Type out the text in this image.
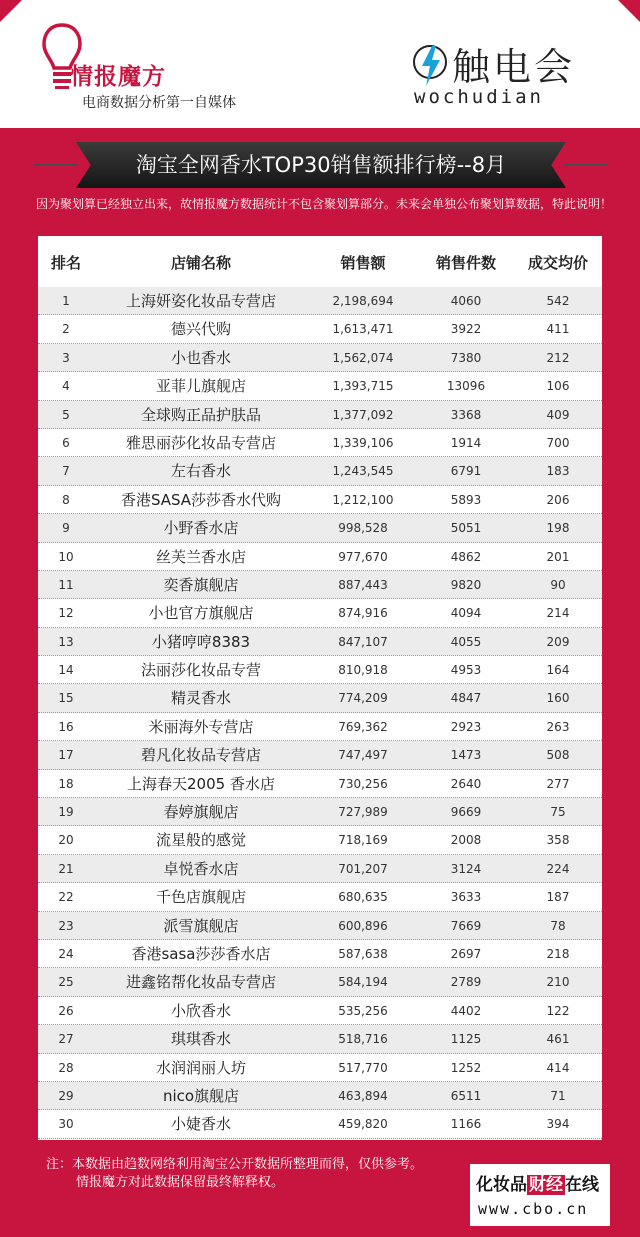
情报魔方
电商数据分析第一自媒体
触电会
wochudian
淘宝全网香水TOP30销售额排行榜--8月
因为聚划算已经独立出来，故情报魔方数据统计不包含聚划算部分。未来会单独公布聚划算数据，特此说明！
排名	店铺名称	销售额	销售件数	成交均价
1	上海妍姿化妆品专营店	2,198,694	4060	542
2	德兴代购	1,613,471	3922	411
3	小也香水	1,562,074	7380	212
4	亚菲儿旗舰店	1,393,715	13096	106
5	全球购正品护肤品	1,377,092	3368	409
6	雅思丽莎化妆品专营店	1,339,106	1914	700
7	左右香水	1,243,545	6791	183
8	香港SASA莎莎香水代购	1,212,100	5893	206
9	小野香水店	998,528	5051	198
10	丝芙兰香水店	977,670	4862	201
11	奕香旗舰店	887,443	9820	90
12	小也官方旗舰店	874,916	4094	214
13	小猪哼哼8383	847,107	4055	209
14	法丽莎化妆品专营	810,918	4953	164
15	精灵香水	774,209	4847	160
16	米丽海外专营店	769,362	2923	263
17	碧凡化妆品专营店	747,497	1473	508
18	上海春天2005 香水店	730,256	2640	277
19	春婷旗舰店	727,989	9669	75
20	流星般的感觉	718,169	2008	358
21	卓悦香水店	701,207	3124	224
22	千色店旗舰店	680,635	3633	187
23	派雪旗舰店	600,896	7669	78
24	香港sasa莎莎香水店	587,638	2697	218
25	进鑫铭帮化妆品专营店	584,194	2789	210
26	小欣香水	535,256	4402	122
27	琪琪香水	518,716	1125	461
28	水润润丽人坊	517,770	1252	414
29	nico旗舰店	463,894	6511	71
30	小婕香水	459,820	1166	394
注：本数据由趋数网络利用淘宝公开数据所整理而得，仅供参考。
情报魔方对此数据保留最终解释权。	化妆品 财经 在线
www.cbo.cn
